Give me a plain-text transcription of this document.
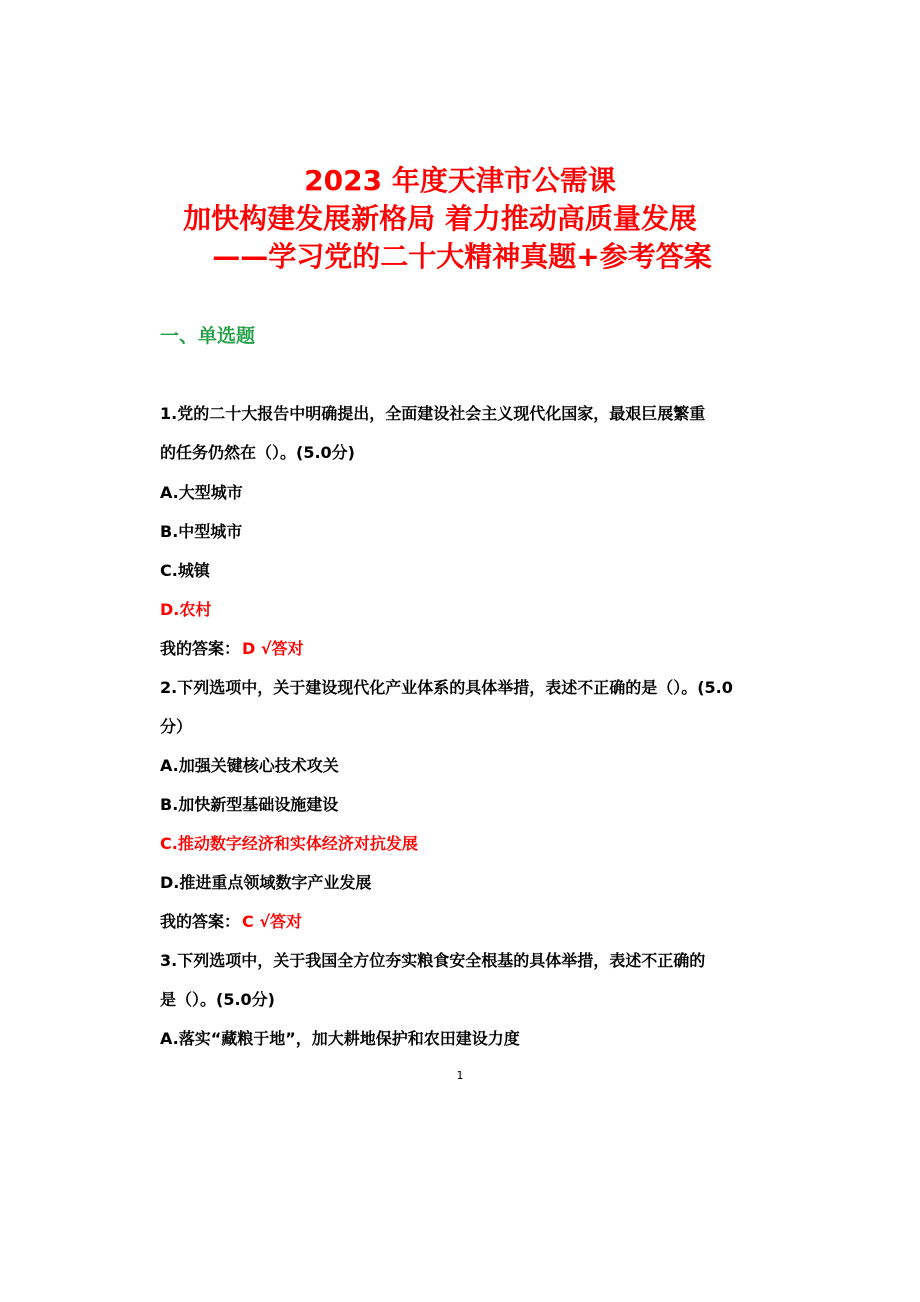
2023 年度天津市公需课
加快构建发展新格局 着力推动高质量发展
——学习党的二十大精神真题+参考答案
一、单选题
1.党的二十大报告中明确提出，全面建设社会主义现代化国家，最艰巨展繁重
的任务仍然在（）。(5.0分)
A.大型城市
B.中型城市
C.城镇
D.农村
我的答案： D √答对
2.下列选项中，关于建设现代化产业体系的具体举措，表述不正确的是（）。(5.0
分）
A.加强关键核心技术攻关
B.加快新型基础设施建设
C.推动数字经济和实体经济对抗发展
D.推进重点领域数字产业发展
我的答案： C √答对
3.下列选项中，关于我国全方位夯实粮食安全根基的具体举措，表述不正确的
是（）。(5.0分)
A.落实“藏粮于地”，加大耕地保护和农田建设力度
1
